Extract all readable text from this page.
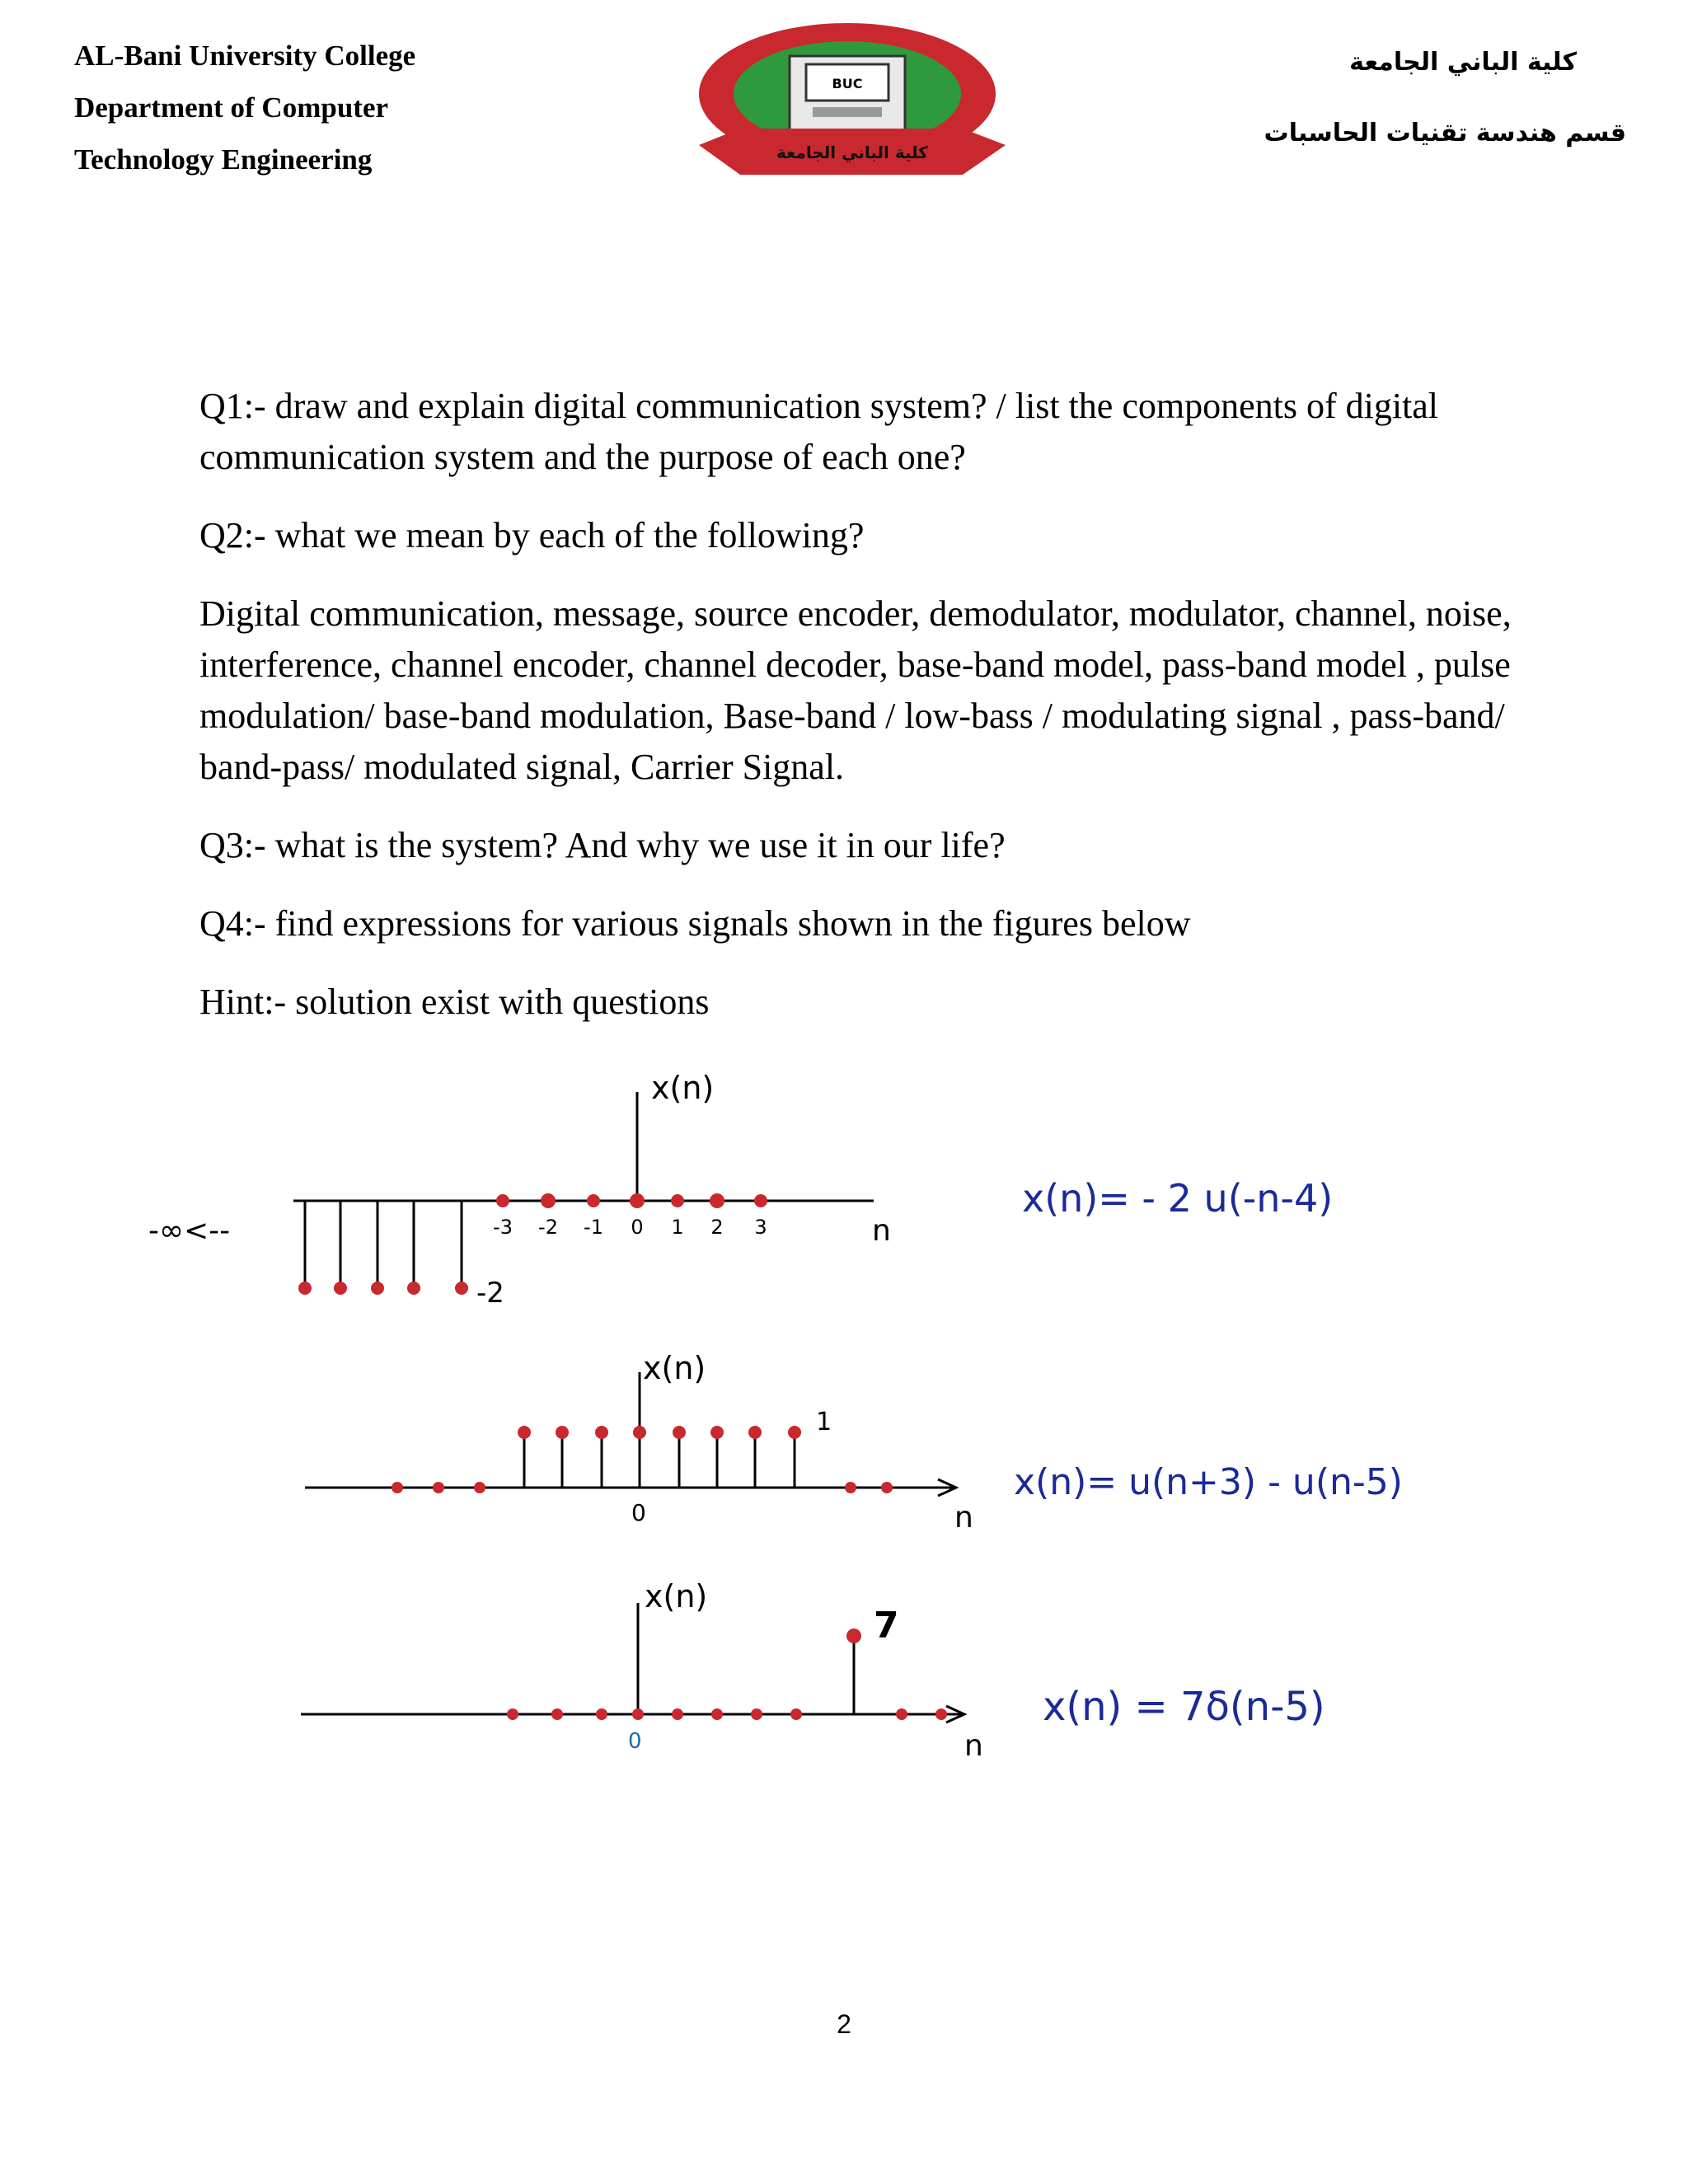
AL-Bani University College
Department of Computer
Technology Engineering
BUC
كلية الباني الجامعة
كلية الباني الجامعة
قسم هندسة تقنيات الحاسبات

Q1:- draw and explain digital communication system? / list the components of digital communication system and the purpose of each one?

Q2:- what we mean by each of the following?

Digital communication, message, source encoder, demodulator, modulator, channel, noise, interference, channel encoder, channel decoder, base-band model, pass-band model , pulse modulation/ base-band modulation, Base-band / low-bass / modulating signal , pass-band/ band-pass/ modulated signal, Carrier Signal.

Q3:- what is the system? And why we use it in our life?

Q4:- find expressions for various signals shown in the figures below

Hint:- solution exist with questions

-3 -2 -1 0 1 2 3
x(n)
n
-∞<--
-2
x(n)= - 2 u(-n-4)
x(n)
0
1
n
x(n)= u(n+3) - u(n-5)
x(n)
7
0	n
x(n) = 7δ(n-5)
2
